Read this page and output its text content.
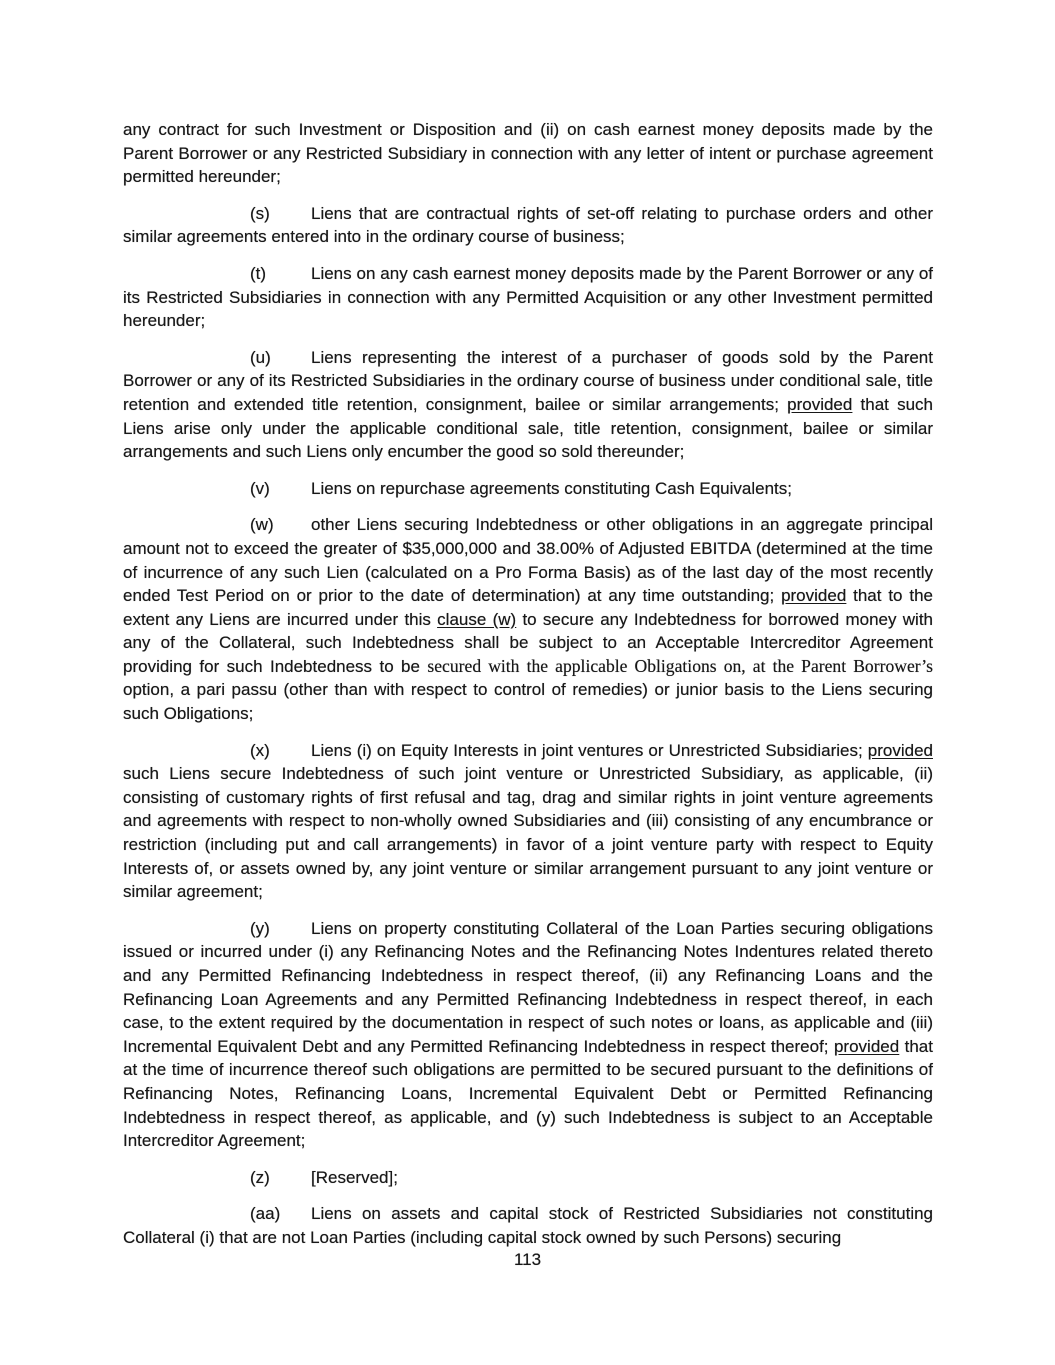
any contract for such Investment or Disposition and (ii) on cash earnest money deposits made by the Parent Borrower or any Restricted Subsidiary in connection with any letter of intent or purchase agreement permitted hereunder;

(s) Liens that are contractual rights of set-off relating to purchase orders and other similar agreements entered into in the ordinary course of business;

(t)	Liens on any cash earnest money deposits made by the Parent Borrower or any of its Restricted Subsidiaries in connection with any Permitted Acquisition or any other Investment permitted hereunder;

(u) Liens representing the interest of a purchaser of goods sold by the Parent Borrower or any of its Restricted Subsidiaries in the ordinary course of business under conditional sale, title retention and extended title retention, consignment, bailee or similar arrangements; provided that such Liens arise only under the applicable conditional sale, title retention, consignment, bailee or similar arrangements and such Liens only encumber the good so sold thereunder;

(v) Liens on repurchase agreements constituting Cash Equivalents;

(w) other Liens securing Indebtedness or other obligations in an aggregate principal amount not to exceed the greater of $35,000,000 and 38.00% of Adjusted EBITDA (determined at the time of incurrence of any such Lien (calculated on a Pro Forma Basis) as of the last day of the most recently ended Test Period on or prior to the date of determination) at any time outstanding; provided that to the extent any Liens are incurred under this clause (w) to secure any Indebtedness for borrowed money with any of the Collateral, such Indebtedness shall be subject to an Acceptable Intercreditor Agreement providing for such Indebtedness to be secured with the applicable Obligations on, at the Parent Borrower’s option, a pari passu (other than with respect to control of remedies) or junior basis to the Liens securing such Obligations;

(x) Liens (i) on Equity Interests in joint ventures or Unrestricted Subsidiaries; provided such Liens secure Indebtedness of such joint venture or Unrestricted Subsidiary, as applicable, (ii) consisting of customary rights of first refusal and tag, drag and similar rights in joint venture agreements and agreements with respect to non-wholly owned Subsidiaries and (iii) consisting of any encumbrance or restriction (including put and call arrangements) in favor of a joint venture party with respect to Equity Interests of, or assets owned by, any joint venture or similar arrangement pursuant to any joint venture or similar agreement;

(y) Liens on property constituting Collateral of the Loan Parties securing obligations issued or incurred under (i) any Refinancing Notes and the Refinancing Notes Indentures related thereto and any Permitted Refinancing Indebtedness in respect thereof, (ii) any Refinancing Loans and the Refinancing Loan Agreements and any Permitted Refinancing Indebtedness in respect thereof, in each case, to the extent required by the documentation in respect of such notes or loans, as applicable and (iii) Incremental Equivalent Debt and any Permitted Refinancing Indebtedness in respect thereof; provided that at the time of incurrence thereof such obligations are permitted to be secured pursuant to the definitions of Refinancing Notes, Refinancing Loans, Incremental Equivalent Debt or Permitted Refinancing Indebtedness in respect thereof, as applicable, and (y) such Indebtedness is subject to an Acceptable Intercreditor Agreement;

(z) [Reserved];

(aa) Liens on assets and capital stock of Restricted Subsidiaries not constituting Collateral (i) that are not Loan Parties (including capital stock owned by such Persons) securing

113
